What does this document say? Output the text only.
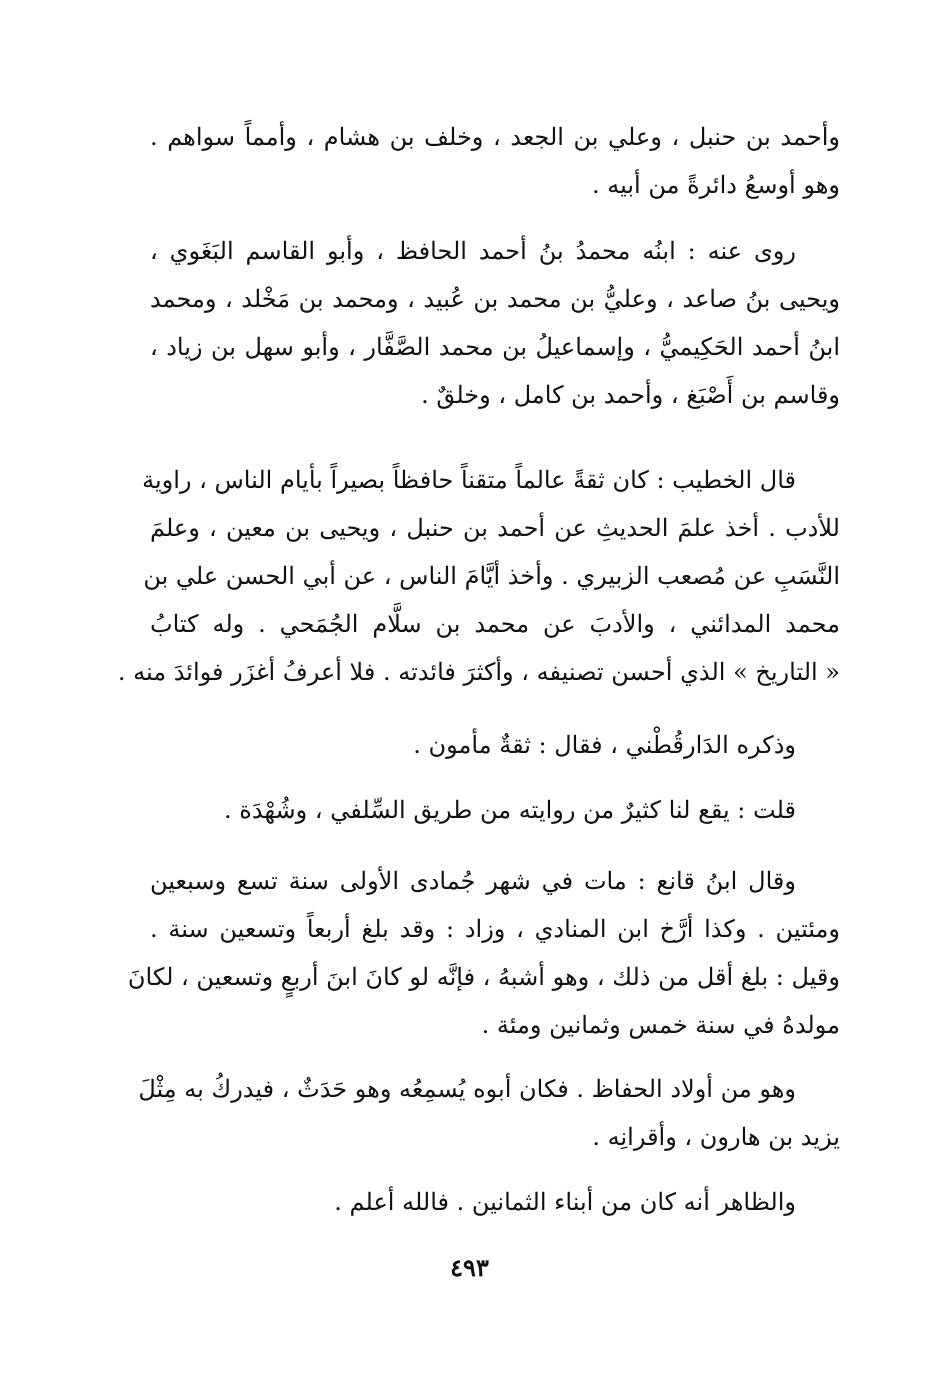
وأحمد بن حنبل ، وعلي بن الجعد ، وخلف بن هشام ، وأمماً سواهم .
وهو أوسعُ دائرةً من أبيه .
روى عنه : ابنُه محمدُ بنُ أحمد الحافظ ، وأبو القاسم البَغَوي ،
ويحيى بنُ صاعد ، وعليُّ بن محمد بن عُبيد ، ومحمد بن مَخْلد ، ومحمد
ابنُ أحمد الحَكِيميُّ ، وإسماعيلُ بن محمد الصَّفَّار ، وأبو سهل بن زياد ،
وقاسم بن أَصْبَغ ، وأحمد بن كامل ، وخلقٌ .
قال الخطيب : كان ثقةً عالماً متقناً حافظاً بصيراً بأيام الناس ، راوية
للأدب . أخذ علمَ الحديثِ عن أحمد بن حنبل ، ويحيى بن معين ، وعلمَ
النَّسَبِ عن مُصعب الزبيري . وأخذ أيَّامَ الناس ، عن أبي الحسن علي بن
محمد المدائني ، والأدبَ عن محمد بن سلَّام الجُمَحي . وله كتابُ
« التاريخ » الذي أحسن تصنيفه ، وأكثرَ فائدته . فلا أعرفُ أغزَر فوائدَ منه .
وذكره الدَارقُطْني ، فقال : ثقةٌ مأمون .
قلت : يقع لنا كثيرٌ من روايته من طريق السِّلفي ، وشُهْدَة .
وقال ابنُ قانع : مات في شهر جُمادى الأولى سنة تسع وسبعين
ومئتين . وكذا أرَّخ ابن المنادي ، وزاد : وقد بلغ أربعاً وتسعين سنة .
وقيل : بلغ أقل من ذلك ، وهو أشبهُ ، فإنَّه لو كانَ ابنَ أربعٍ وتسعين ، لكانَ
مولدهُ في سنة خمس وثمانين ومئة .
وهو من أولاد الحفاظ . فكان أبوه يُسمِعُه وهو حَدَثٌ ، فيدركُ به مِثْلَ
يزيد بن هارون ، وأقرانِه .
والظاهر أنه كان من أبناء الثمانين . فالله أعلم .
٤٩٣
